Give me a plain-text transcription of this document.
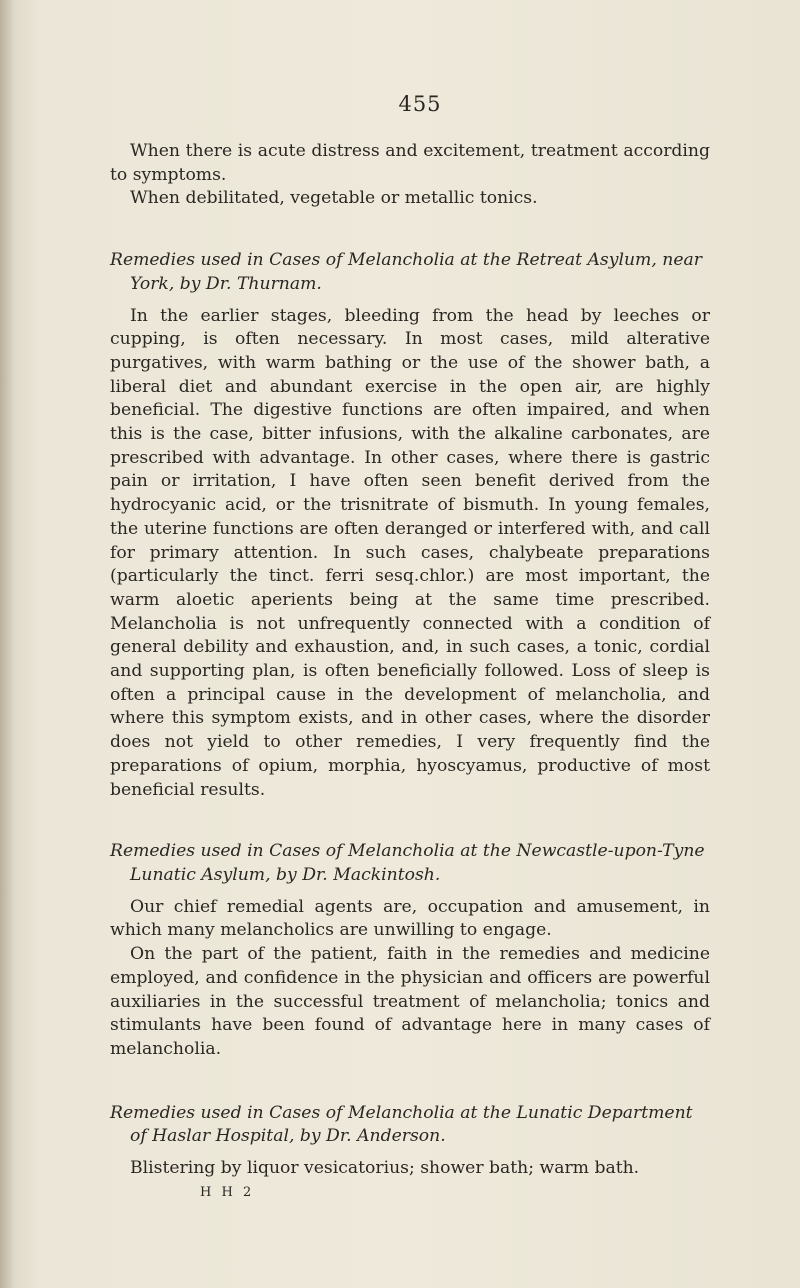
455

When there is acute distress and excitement, treatment according to symptoms.

When debilitated, vegetable or metallic tonics.

Remedies used in Cases of Melancholia at the Retreat Asylum, near York, by Dr. Thurnam.

In the earlier stages, bleeding from the head by leeches or cupping, is often necessary. In most cases, mild alterative purgatives, with warm bathing or the use of the shower bath, a liberal diet and abundant exercise in the open air, are highly beneficial. The digestive functions are often impaired, and when this is the case, bitter infusions, with the alkaline carbonates, are prescribed with advantage. In other cases, where there is gastric pain or irritation, I have often seen benefit derived from the hydrocyanic acid, or the trisnitrate of bismuth. In young females, the uterine functions are often deranged or interfered with, and call for primary attention. In such cases, chalybeate preparations (particularly the tinct. ferri sesq.chlor.) are most important, the warm aloetic aperients being at the same time prescribed. Melancholia is not unfrequently connected with a condition of general debility and exhaustion, and, in such cases, a tonic, cordial and supporting plan, is often beneficially followed. Loss of sleep is often a principal cause in the development of melancholia, and where this symptom exists, and in other cases, where the disorder does not yield to other remedies, I very frequently find the preparations of opium, morphia, hyoscyamus, productive of most beneficial results.

Remedies used in Cases of Melancholia at the Newcastle-upon-Tyne Lunatic Asylum, by Dr. Mackintosh.

Our chief remedial agents are, occupation and amusement, in which many melancholics are unwilling to engage.

On the part of the patient, faith in the remedies and medicine employed, and confidence in the physician and officers are powerful auxiliaries in the successful treatment of melancholia; tonics and stimulants have been found of advantage here in many cases of melancholia.

Remedies used in Cases of Melancholia at the Lunatic Department of Haslar Hospital, by Dr. Anderson.

Blistering by liquor vesicatorius; shower bath; warm bath.

H H 2
